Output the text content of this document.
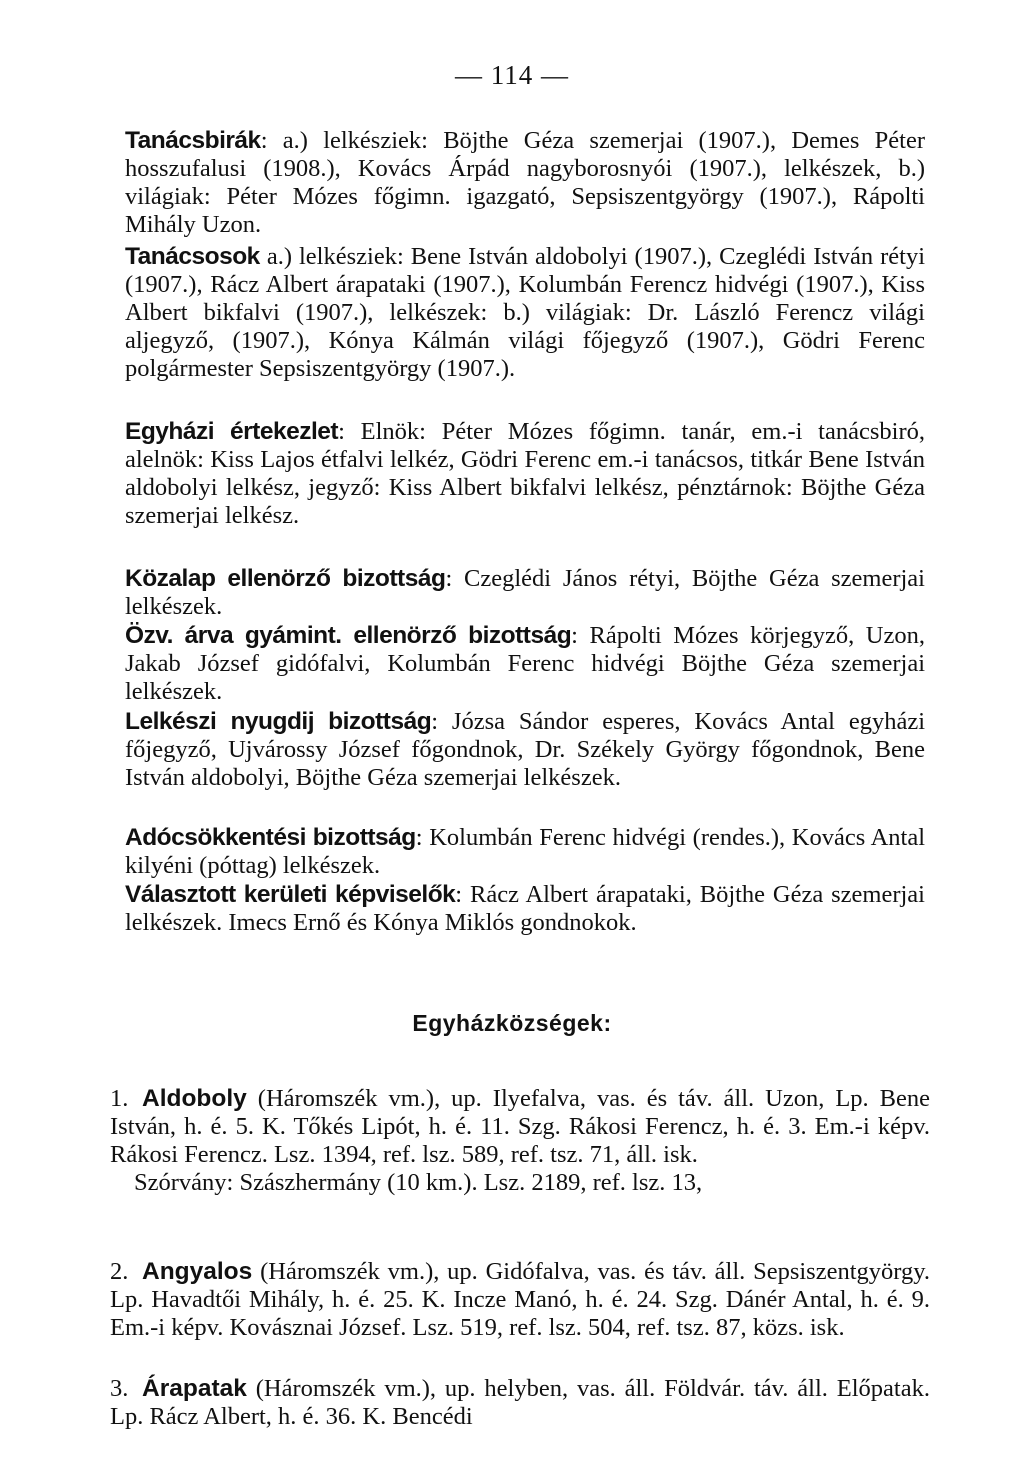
— 114 —
Tanácsbirák: a.) lelkésziek: Böjthe Géza szemerjai (1907.), Demes Péter hosszufalusi (1908.), Kovács Árpád nagyborosnyói (1907.), lelkészek, b.) világiak: Péter Mózes főgimn. igazgató, Sepsiszentgyörgy (1907.), Rápolti Mihály Uzon.
Tanácsosok a.) lelkésziek: Bene István aldobolyi (1907.), Czeglédi István rétyi (1907.), Rácz Albert árapataki (1907.), Kolumbán Ferencz hidvégi (1907.), Kiss Albert bikfalvi (1907.), lelkészek: b.) világiak: Dr. László Ferencz világi aljegyző, (1907.), Kónya Kálmán világi főjegyző (1907.), Gödri Ferenc polgármester Sepsiszentgyörgy (1907.).
Egyházi értekezlet: Elnök: Péter Mózes főgimn. tanár, em.-i tanácsbiró, alelnök: Kiss Lajos étfalvi lelkéz, Gödri Ferenc em.-i tanácsos, titkár Bene István aldobolyi lelkész, jegyző: Kiss Albert bikfalvi lelkész, pénztárnok: Böjthe Géza szemerjai lelkész.
Közalap ellenörző bizottság: Czeglédi János rétyi, Böjthe Géza szemerjai lelkészek.
Özv. árva gyámint. ellenörző bizottság: Rápolti Mózes körjegyző, Uzon, Jakab József gidófalvi, Kolumbán Ferenc hidvégi Böjthe Géza szemerjai lelkészek.
Lelkészi nyugdij bizottság: Józsa Sándor esperes, Kovács Antal egyházi főjegyző, Ujvárossy József főgondnok, Dr. Székely György főgondnok, Bene István aldobolyi, Böjthe Géza szemerjai lelkészek.
Adócsökkentési bizottság: Kolumbán Ferenc hidvégi (rendes.), Kovács Antal kilyéni (póttag) lelkészek.
Választott kerületi képviselők: Rácz Albert árapataki, Böjthe Géza szemerjai lelkészek. Imecs Ernő és Kónya Miklós gondnokok.
Egyházközségek:
1. Aldoboly (Háromszék vm.), up. Ilyefalva, vas. és táv. áll. Uzon, Lp. Bene István, h. é. 5. K. Tőkés Lipót, h. é. 11. Szg. Rákosi Ferencz, h. é. 3. Em.-i képv. Rákosi Ferencz. Lsz. 1394, ref. lsz. 589, ref. tsz. 71, áll. isk.
Szórvány: Szászhermány (10 km.). Lsz. 2189, ref. lsz. 13,
2. Angyalos (Háromszék vm.), up. Gidófalva, vas. és táv. áll. Sepsiszentgyörgy. Lp. Havadtői Mihály, h. é. 25. K. Incze Manó, h. é. 24. Szg. Dánér Antal, h. é. 9. Em.-i képv. Kovásznai József. Lsz. 519, ref. lsz. 504, ref. tsz. 87, közs. isk.
3. Árapatak (Háromszék vm.), up. helyben, vas. áll. Földvár. táv. áll. Előpatak. Lp. Rácz Albert, h. é. 36. K. Bencédi
